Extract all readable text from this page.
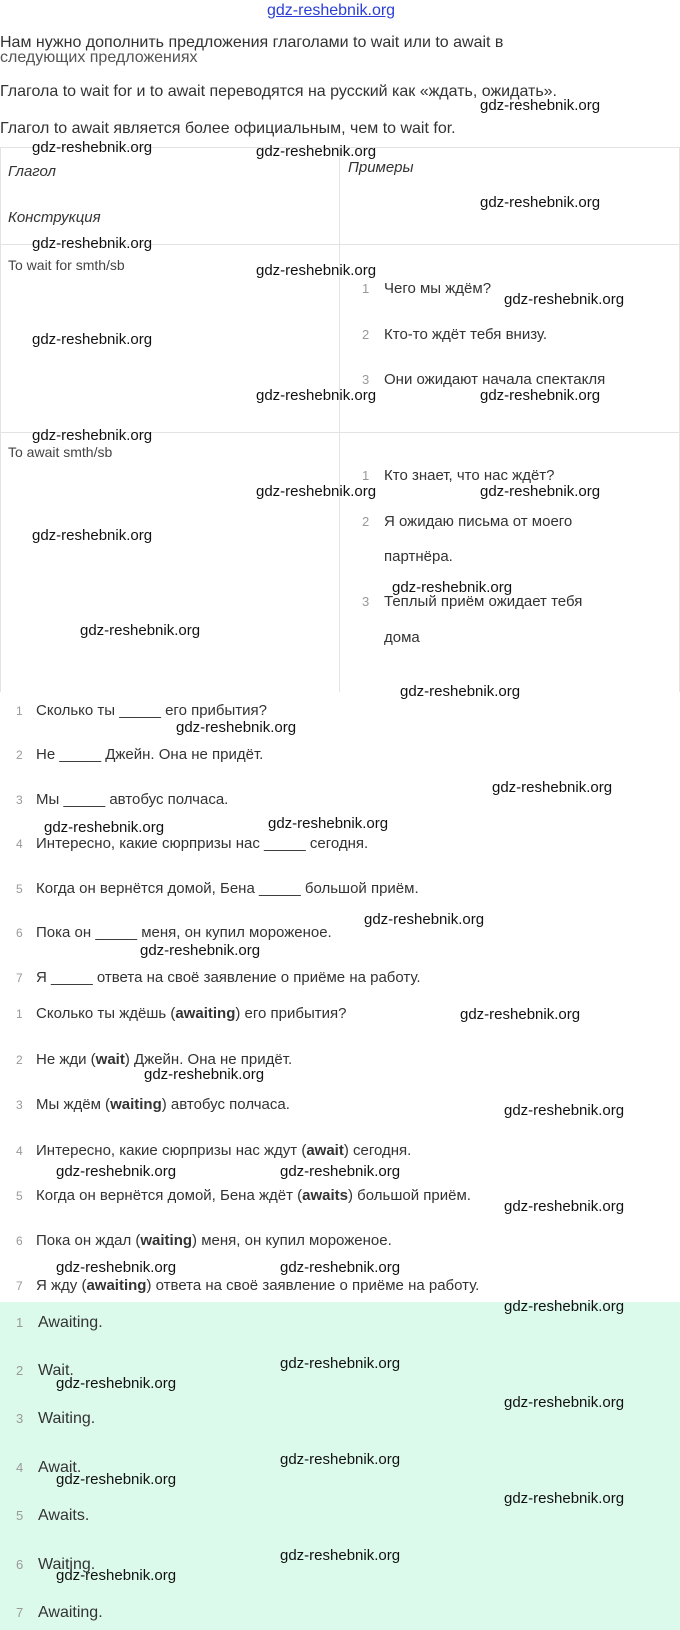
gdz-reshebnik.org
Нам нужно дополнить предложения глаголами to wait или to await в
следующих предложениях
Глагола to wait for и to await переводятся на русский как «ждать, ожидать».
Глагол to await является более официальным, чем to wait for.
Глагол
Конструкция
Примеры
To wait for smth/sb
1 Чего мы ждём?
2 Кто-то ждёт тебя внизу.
3 Они ожидают начала спектакля
To await smth/sb
1 Кто знает, что нас ждёт?
2 Я ожидаю письма от моего
партнёра.
3 Теплый приём ожидает тебя
дома
1 Сколько ты _____ его прибытия?
2 Не _____ Джейн. Она не придёт.
3 Мы _____ автобус полчаса.
4 Интересно, какие сюрпризы нас _____ сегодня.
5 Когда он вернётся домой, Бена _____ большой приём.
6 Пока он _____ меня, он купил мороженое.
7 Я _____ ответа на своё заявление о приёме на работу.
1 Сколько ты ждёшь (awaiting) его прибытия?
2 Не жди (wait) Джейн. Она не придёт.
3 Мы ждём (waiting) автобус полчаса.
4 Интересно, какие сюрпризы нас ждут (await) сегодня.
5 Когда он вернётся домой, Бена ждёт (awaits) большой приём.
6 Пока он ждал (waiting) меня, он купил мороженое.
7 Я жду (awaiting) ответа на своё заявление о приёме на работу.
1 Awaiting.
2 Wait.
3 Waiting.
4 Await.
5 Awaits.
6 Waiting.
7 Awaiting.
gdz-reshebnik.org
gdz-reshebnik.org	gdz-reshebnik.org
gdz-reshebnik.org
gdz-reshebnik.org
gdz-reshebnik.org
gdz-reshebnik.org
gdz-reshebnik.org
gdz-reshebnik.org	gdz-reshebnik.org
gdz-reshebnik.org
gdz-reshebnik.org	gdz-reshebnik.org
gdz-reshebnik.org
gdz-reshebnik.org
gdz-reshebnik.org
gdz-reshebnik.org
gdz-reshebnik.org
gdz-reshebnik.org
gdz-reshebnik.org	gdz-reshebnik.org
gdz-reshebnik.org
gdz-reshebnik.org
gdz-reshebnik.org
gdz-reshebnik.org
gdz-reshebnik.org
gdz-reshebnik.org	gdz-reshebnik.org
gdz-reshebnik.org
gdz-reshebnik.org	gdz-reshebnik.org
gdz-reshebnik.org
gdz-reshebnik.org
gdz-reshebnik.org
gdz-reshebnik.org
gdz-reshebnik.org
gdz-reshebnik.org
gdz-reshebnik.org
gdz-reshebnik.org
gdz-reshebnik.org
